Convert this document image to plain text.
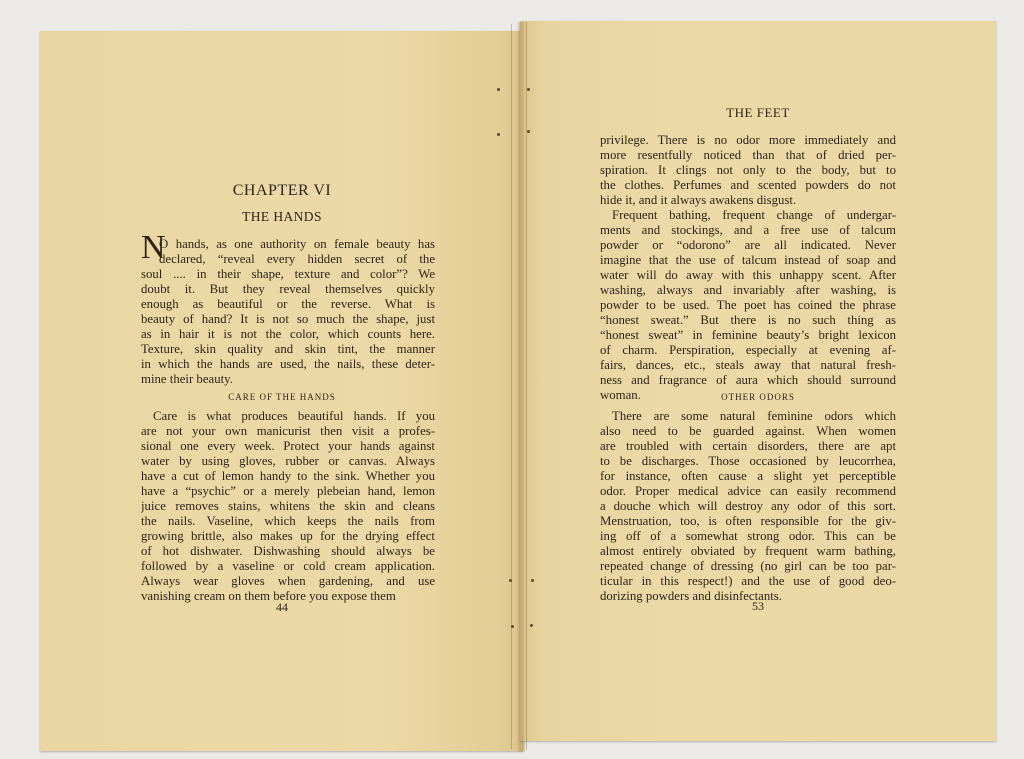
CHAPTER VI
THE HANDS
N
O hands, as one authority on female beauty has
declared, “reveal every hidden secret of the
soul .... in their shape, texture and color”? We
doubt it. But they reveal themselves quickly
enough as beautiful or the reverse. What is
beauty of hand? It is not so much the shape, just
as in hair it is not the color, which counts here.
Texture, skin quality and skin tint, the manner
in which the hands are used, the nails, these deter-
mine their beauty.
CARE OF THE HANDS
Care is what produces beautiful hands. If you
are not your own manicurist then visit a profes-
sional one every week. Protect your hands against
water by using gloves, rubber or canvas. Always
have a cut of lemon handy to the sink. Whether you
have a “psychic” or a merely plebeian hand, lemon
juice removes stains, whitens the skin and cleans
the nails. Vaseline, which keeps the nails from
growing brittle, also makes up for the drying effect
of hot dishwater. Dishwashing should always be
followed by a vaseline or cold cream application.
Always wear gloves when gardening, and use
vanishing cream on them before you expose them
44
THE FEET
privilege. There is no odor more immediately and
more resentfully noticed than that of dried per-
spiration. It clings not only to the body, but to
the clothes. Perfumes and scented powders do not
hide it, and it always awakens disgust.
Frequent bathing, frequent change of undergar-
ments and stockings, and a free use of talcum
powder or “odorono” are all indicated. Never
imagine that the use of talcum instead of soap and
water will do away with this unhappy scent. After
washing, always and invariably after washing, is
powder to be used. The poet has coined the phrase
“honest sweat.” But there is no such thing as
“honest sweat” in feminine beauty’s bright lexicon
of charm. Perspiration, especially at evening af-
fairs, dances, etc., steals away that natural fresh-
ness and fragrance of aura which should surround
woman.	OTHER ODORS
There are some natural feminine odors which
also need to be guarded against. When women
are troubled with certain disorders, there are apt
to be discharges. Those occasioned by leucorrhea,
for instance, often cause a slight yet perceptible
odor. Proper medical advice can easily recommend
a douche which will destroy any odor of this sort.
Menstruation, too, is often responsible for the giv-
ing off of a somewhat strong odor. This can be
almost entirely obviated by frequent warm bathing,
repeated change of dressing (no girl can be too par-
ticular in this respect!) and the use of good deo-
dorizing powders and disinfectants.
53
